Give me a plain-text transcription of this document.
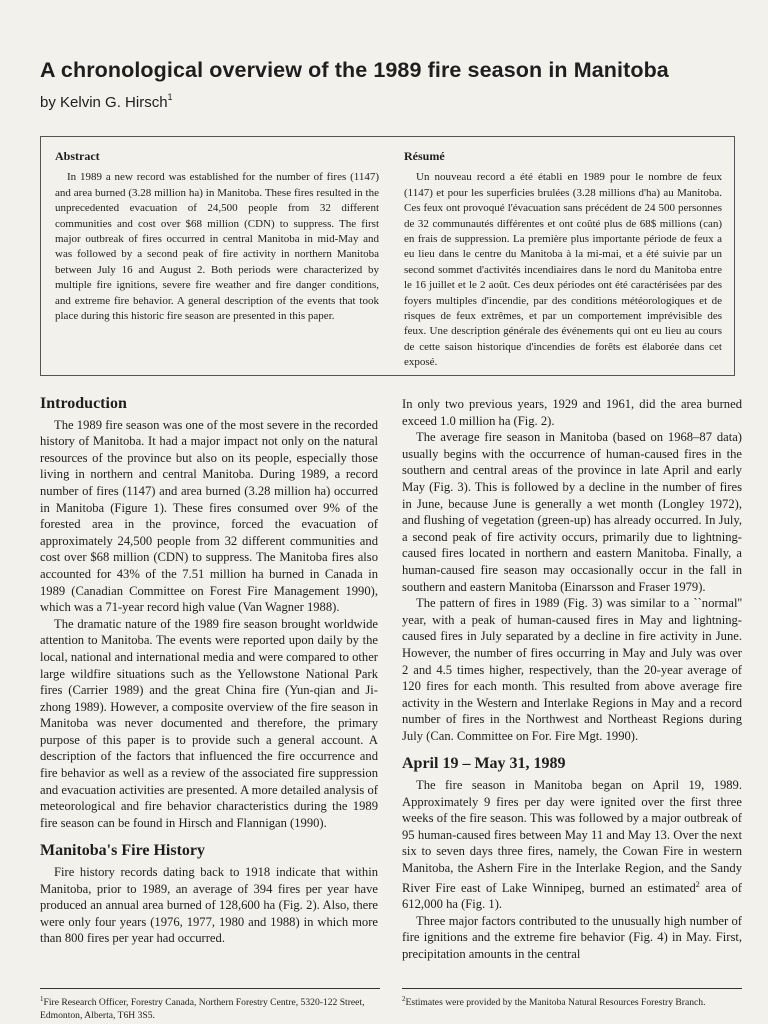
A chronological overview of the 1989 fire season in Manitoba
by Kelvin G. Hirsch$^1$
Abstract

In 1989 a new record was established for the number of fires (1147) and area burned (3.28 million ha) in Manitoba. These fires resulted in the unprecedented evacuation of 24,500 people from 32 different communities and cost over $68 million (CDN) to suppress. The first major outbreak of fires occurred in central Manitoba in mid-May and was followed by a second peak of fire activity in northern Manitoba between July 16 and August 2. Both periods were characterized by multiple fire ignitions, severe fire weather and fire danger conditions, and extreme fire behavior. A general description of the events that took place during this historic fire season are presented in this paper.

Résumé

Un nouveau record a été établi en 1989 pour le nombre de feux (1147) et pour les superficies brulées (3.28 millions d'ha) au Manitoba. Ces feux ont provoqué l'évacuation sans précédent de 24 500 personnes de 32 communautés différentes et ont coûté plus de 68$ millions (can) en frais de suppression. La première plus importante période de feux a eu lieu dans le centre du Manitoba à la mi-mai, et a été suivie par un second sommet d'activités incendiaires dans le nord du Manitoba entre le 16 juillet et le 2 août. Ces deux périodes ont été caractérisées par des foyers multiples d'incendie, par des conditions météorologiques et de risques de feux extrêmes, et par un comportement imprévisible des feux. Une description générale des événements qui ont eu lieu au cours de cette saison historique d'incendies de forêts est élaborée dans cet exposé.

Introduction

The 1989 fire season was one of the most severe in the recorded history of Manitoba. It had a major impact not only on the natural resources of the province but also on its people, especially those living in northern and central Manitoba. During 1989, a record number of fires (1147) and area burned (3.28 million ha) occurred in Manitoba (Figure 1). These fires consumed over 9% of the forested area in the province, forced the evacuation of approximately 24,500 people from 32 different communities and cost over $68 million (CDN) to suppress. The Manitoba fires also accounted for 43% of the 7.51 million ha burned in Canada in 1989 (Canadian Committee on Forest Fire Management 1990), which was a 71-year record high value (Van Wagner 1988).

The dramatic nature of the 1989 fire season brought worldwide attention to Manitoba. The events were reported upon daily by the local, national and international media and were compared to other large wildfire situations such as the Yellowstone National Park fires (Carrier 1989) and the great China fire (Yun-qian and Ji-zhong 1989). However, a composite overview of the fire season in Manitoba was never documented and therefore, the primary purpose of this paper is to provide such a general account. A description of the factors that influenced the fire occurrence and fire behavior as well as a review of the associated fire suppression and evacuation activities are presented. A more detailed analysis of meteorological and fire behavior characteristics during the 1989 fire season can be found in Hirsch and Flannigan (1990).

Manitoba's Fire History

Fire history records dating back to 1918 indicate that within Manitoba, prior to 1989, an average of 394 fires per year have produced an annual area burned of 128,600 ha (Fig. 2). Also, there were only four years (1976, 1977, 1980 and 1988) in which more than 800 fires per year had occurred.

In only two previous years, 1929 and 1961, did the area burned exceed 1.0 million ha (Fig. 2).

The average fire season in Manitoba (based on 1968–87 data) usually begins with the occurrence of human-caused fires in the southern and central areas of the province in late April and early May (Fig. 3). This is followed by a decline in the number of fires in June, because June is generally a wet month (Longley 1972), and flushing of vegetation (green-up) has already occurred. In July, a second peak of fire activity occurs, primarily due to lightning-caused fires located in northern and eastern Manitoba. Finally, a human-caused fire season may occasionally occur in the fall in southern and eastern Manitoba (Einarsson and Fraser 1979).

The pattern of fires in 1989 (Fig. 3) was similar to a ``normal'' year, with a peak of human-caused fires in May and lightning-caused fires in July separated by a decline in fire activity in June. However, the number of fires occurring in May and July was over 2 and 4.5 times higher, respectively, than the 20-year average of 120 fires for each month. This resulted from above average fire activity in the Western and Interlake Regions in May and a record number of fires in the Northwest and Northeast Regions during July (Can. Committee on For. Fire Mgt. 1990).

April 19 – May 31, 1989

The fire season in Manitoba began on April 19, 1989. Approximately 9 fires per day were ignited over the first three weeks of the fire season. This was followed by a major outbreak of 95 human-caused fires between May 11 and May 13. Over the next six to seven days three fires, namely, the Cowan Fire in western Manitoba, the Ashern Fire in the Interlake Region, and the Sandy River Fire east of Lake Winnipeg, burned an estimated$^2$ area of 612,000 ha (Fig. 1).

Three major factors contributed to the unusually high number of fire ignitions and the extreme fire behavior (Fig. 4) in May. First, precipitation amounts in the central

$^1$Fire Research Officer, Forestry Canada, Northern Forestry Centre, 5320-122 Street, Edmonton, Alberta, T6H 3S5.
$^2$Estimates were provided by the Manitoba Natural Resources Forestry Branch.
